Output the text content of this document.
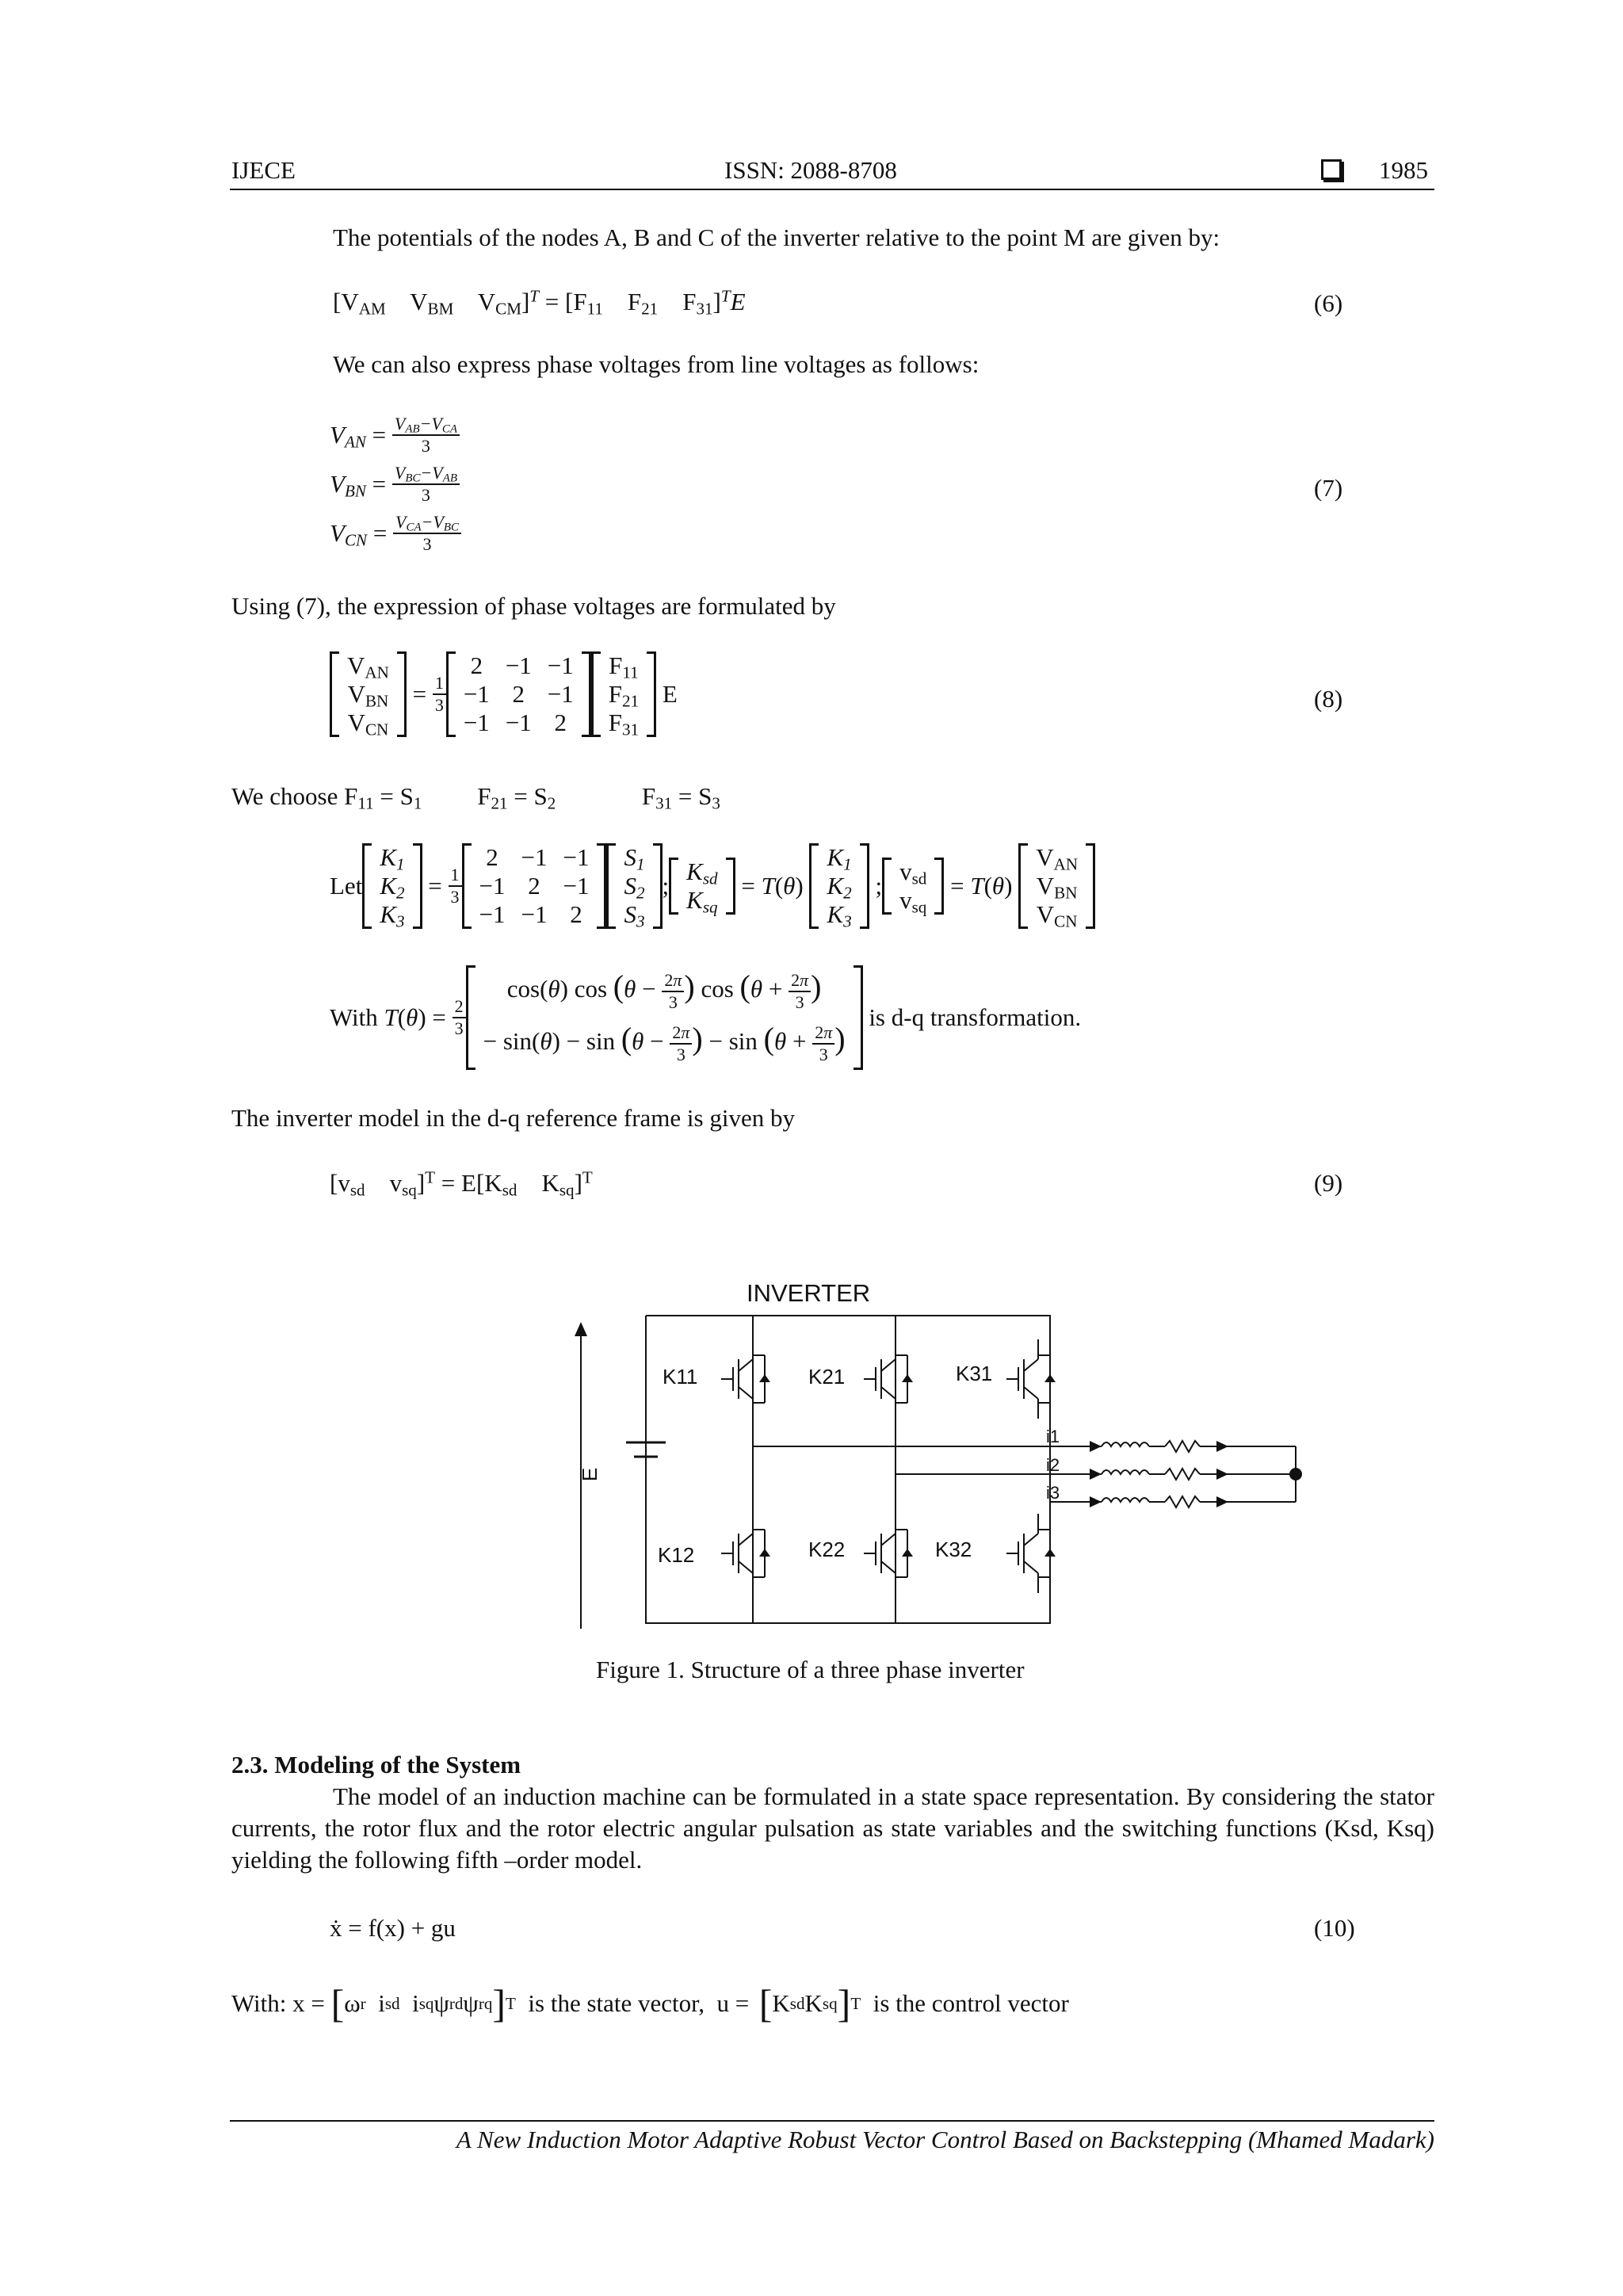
IJECE	ISSN: 2088-8708	1985
The potentials of the nodes A, B and C of the inverter relative to the point M are given by:
[$V_{AM}$    $V_{BM}$    $V_{CM}]^T = [F_{11}$    $F_{21}$    $F_{31}]^TE$	(6)
We can also express phase voltages from line voltages as follows:
$V_{AN} = \frac{V_{AB}-V_{CA}}{3}$
$V_{BN} = \frac{V_{BC}-V_{AB}}{3}$
$V_{CN} = \frac{V_{CA}-V_{BC}}{3}$
(7)
Using (7), the expression of phase voltages are formulated by
$V_{AN}$
$V_{BN}$
$V_{CN}$
= $\frac{1}{3}$
2	−1	−1
−1	2	−1
−1	−1	2
$F_{11}$
$F_{21}$
$F_{31}$
E	(8)
We choose $F_{11} = S_1$         $F_{21} = S_2$              $F_{31} = S_3$
Let
$K_1$
$K_2$
$K_3$
= $\frac{1}{3}$
2	−1	−1
−1	2	−1
−1	−1	2
$S_1$
$S_2$
$S_3$
;
$K_{sd}$
$K_{sq}$
= T ( θ )
$K_1$
$K_2$
$K_3$
;
$v_{sd}$
$v_{sq}$
= T ( θ )
$V_{AN}$
$V_{BN}$
$V_{CN}$
With
T ( θ ) = $\frac{2}{3}$
cos(θ) $\cos (\theta - \frac{2\pi}{3}$ ) $\cos (\theta + \frac{2\pi}{3}$ )
− $\sin(\theta) - \sin (\theta - \frac{2\pi}{3}$ ) − $\sin (\theta + \frac{2\pi}{3}$ )

is d-q transformation.
The inverter model in the d-q reference frame is given by
[$v_{sd}$    $v_{sq}]^T = E[K_{sd}$    $K_{sq}]^T$	(9)
INVERTER
E
K11	K21	K31
K12	K22	K32
i1
i2
i3
Figure 1. Structure of a three phase inverter
2.3. Modeling of the System
The model of an induction machine can be formulated in a state space representation. By considering the stator currents, the rotor flux and the rotor electric angular pulsation as state variables and the switching functions (Ksd, Ksq) yielding the following fifth –order model.
ẋ = f(x) + gu	(10)
With: x =
[ ω r i sd i sq ψ rd ψ rq ] T
is the state vector, u = [ K sd K sq ] T
is the control vector
A New Induction Motor Adaptive Robust Vector Control Based on Backstepping (Mhamed Madark)
